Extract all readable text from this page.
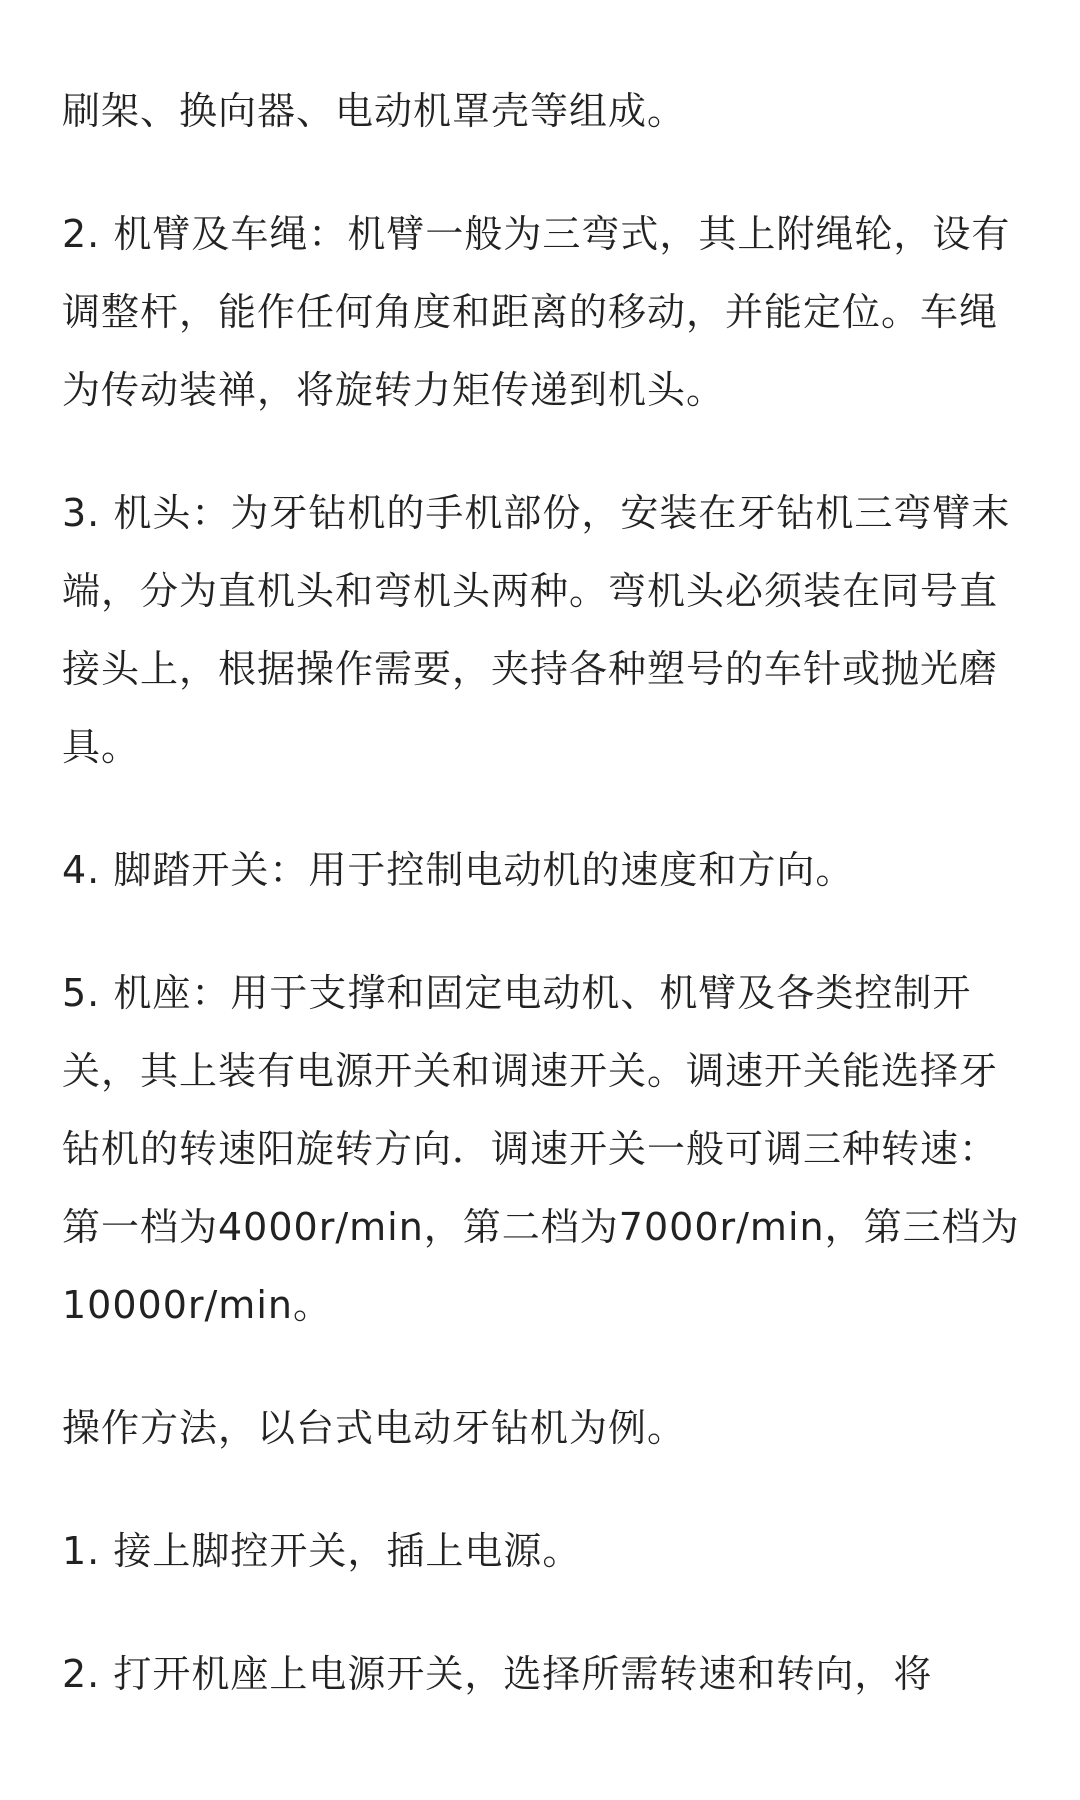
刷架、换向器、电动机罩壳等组成。

2. 机臂及车绳：机臂一般为三弯式，其上附绳轮，设有调整杆，能作任何角度和距离的移动，并能定位。车绳为传动装禅，将旋转力矩传递到机头。

3. 机头：为牙钻机的手机部份，安装在牙钻机三弯臂末端，分为直机头和弯机头两种。弯机头必须装在同号直接头上，根据操作需要，夹持各种塑号的车针或抛光磨具。

4. 脚踏开关：用于控制电动机的速度和方向。

5. 机座：用于支撑和固定电动机、机臂及各类控制开关，其上装有电源开关和调速开关。调速开关能选择牙钻机的转速阳旋转方向．调速开关一般可调三种转速：第一档为4000r/min，第二档为7000r/min，第三档为10000r/min。

操作方法，以台式电动牙钻机为例。

1. 接上脚控开关，插上电源。

2. 打开机座上电源开关，选择所需转速和转向，将
